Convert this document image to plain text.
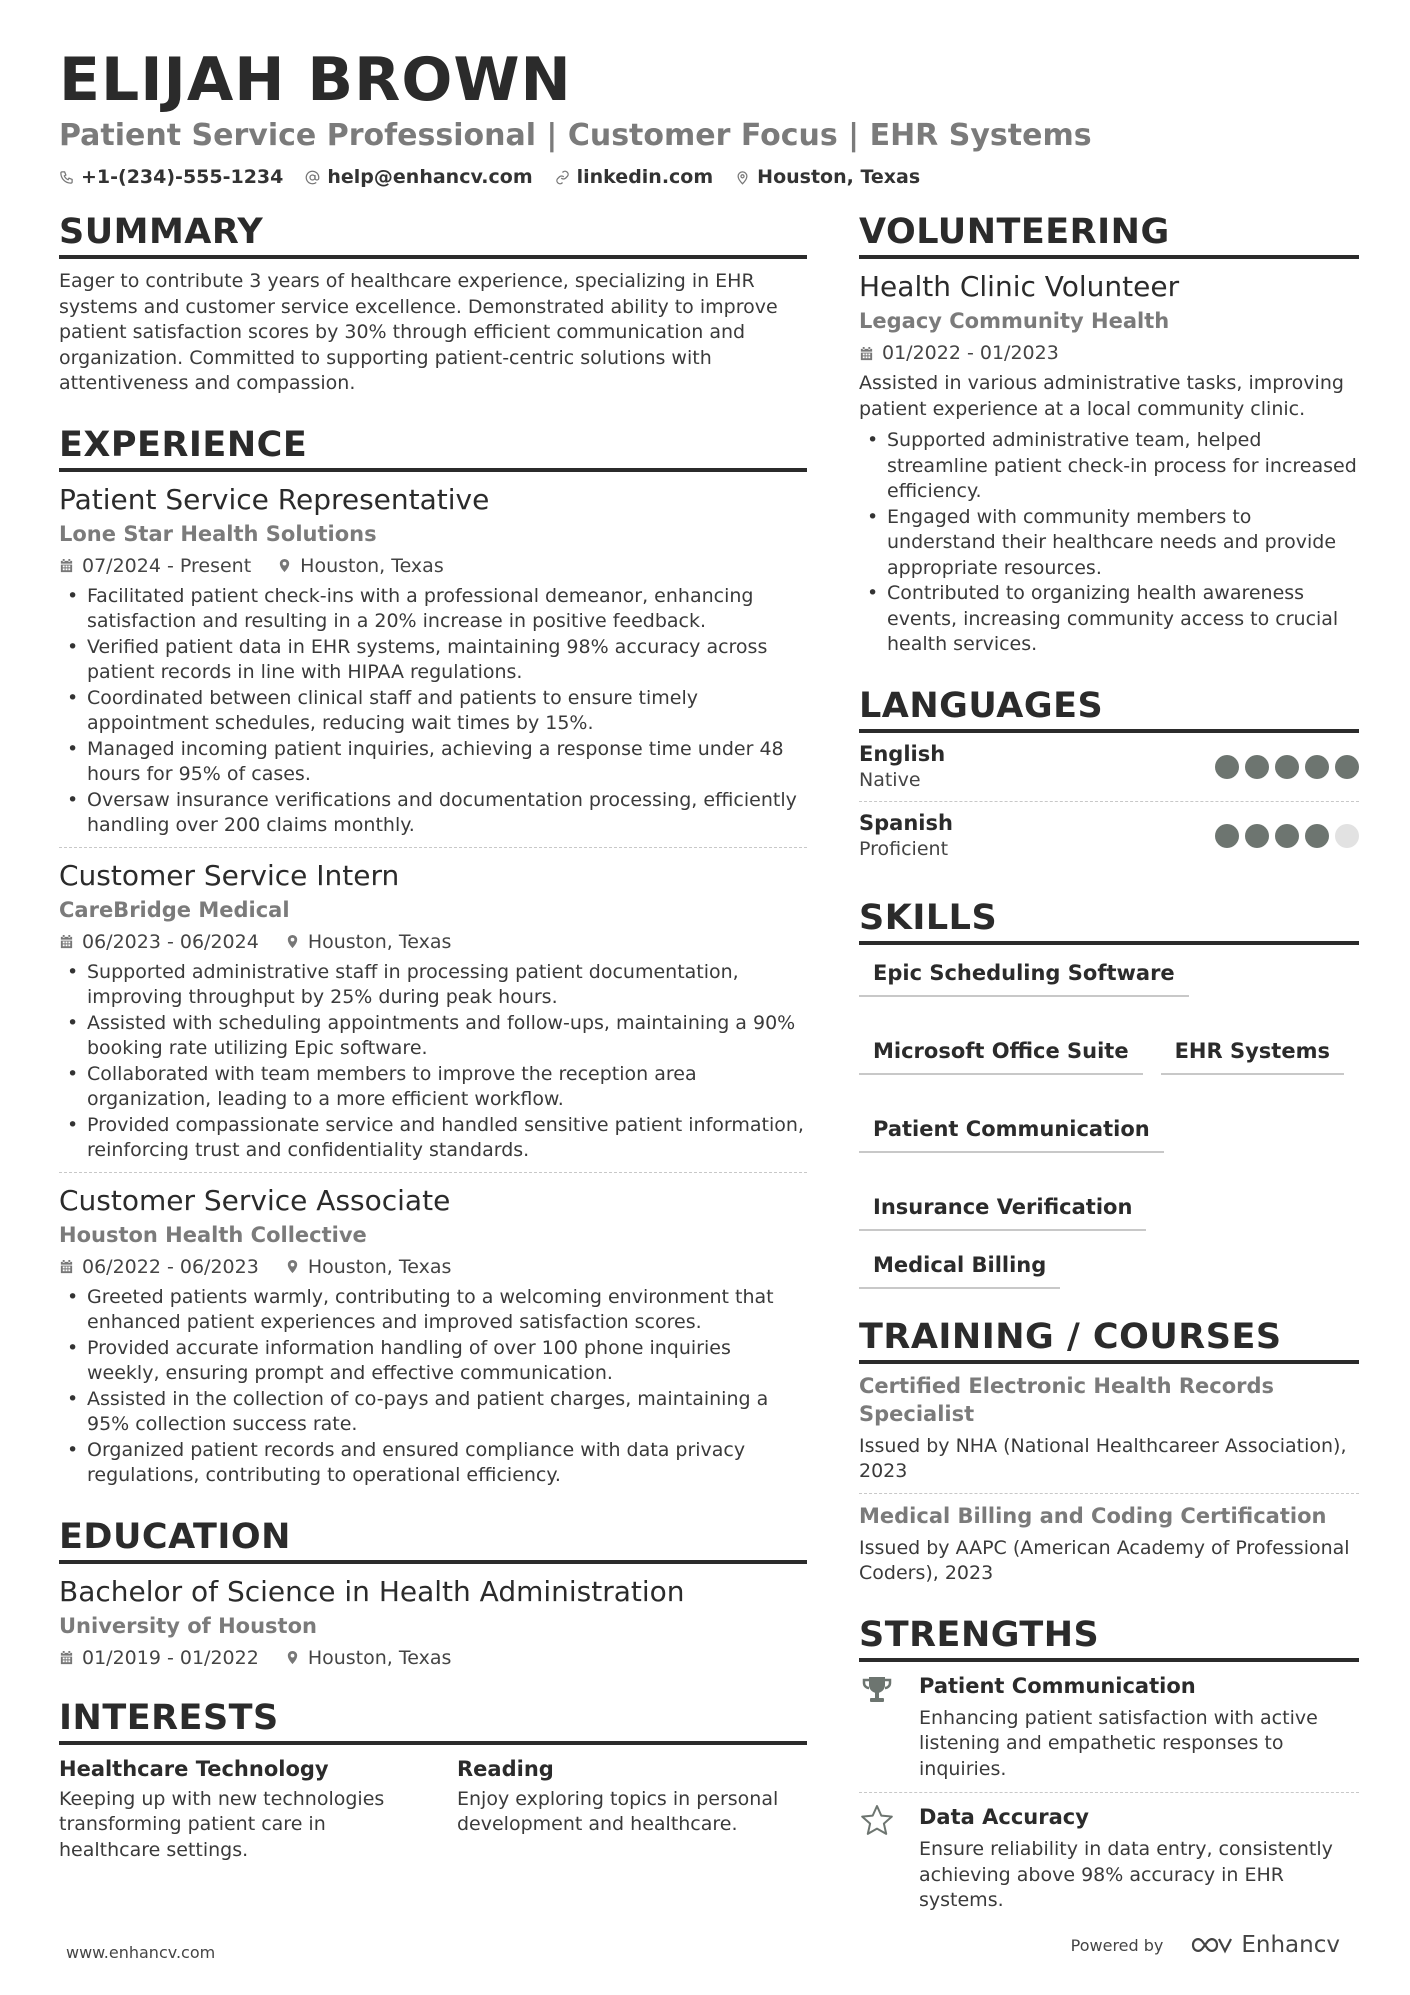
ELIJAH BROWN
Patient Service Professional | Customer Focus | EHR Systems
+1-(234)-555-1234 help@enhancv.com linkedin.com Houston, Texas
SUMMARY
Eager to contribute 3 years of healthcare experience, specializing in EHR systems and customer service excellence. Demonstrated ability to improve patient satisfaction scores by 30% through efficient communication and organization. Committed to supporting patient-centric solutions with attentiveness and compassion.
EXPERIENCE
Patient Service Representative
Lone Star Health Solutions
07/2024 - Present	Houston, Texas
• Facilitated patient check-ins with a professional demeanor, enhancing satisfaction and resulting in a 20% increase in positive feedback.
• Verified patient data in EHR systems, maintaining 98% accuracy across patient records in line with HIPAA regulations.
• Coordinated between clinical staff and patients to ensure timely appointment schedules, reducing wait times by 15%.
• Managed incoming patient inquiries, achieving a response time under 48 hours for 95% of cases.
• Oversaw insurance verifications and documentation processing, efficiently handling over 200 claims monthly.
Customer Service Intern
CareBridge Medical
06/2023 - 06/2024	Houston, Texas
• Supported administrative staff in processing patient documentation, improving throughput by 25% during peak hours.
• Assisted with scheduling appointments and follow-ups, maintaining a 90% booking rate utilizing Epic software.
• Collaborated with team members to improve the reception area organization, leading to a more efficient workflow.
• Provided compassionate service and handled sensitive patient information, reinforcing trust and confidentiality standards.
Customer Service Associate
Houston Health Collective
06/2022 - 06/2023	Houston, Texas
• Greeted patients warmly, contributing to a welcoming environment that enhanced patient experiences and improved satisfaction scores.
• Provided accurate information handling of over 100 phone inquiries weekly, ensuring prompt and effective communication.
• Assisted in the collection of co-pays and patient charges, maintaining a 95% collection success rate.
• Organized patient records and ensured compliance with data privacy regulations, contributing to operational efficiency.
EDUCATION
Bachelor of Science in Health Administration
University of Houston
01/2019 - 01/2022	Houston, Texas
INTERESTS
Healthcare Technology
Keeping up with new technologies transforming patient care in healthcare settings.
Reading
Enjoy exploring topics in personal development and healthcare.
VOLUNTEERING
Health Clinic Volunteer
Legacy Community Health
01/2022 - 01/2023
Assisted in various administrative tasks, improving patient experience at a local community clinic.
• Supported administrative team, helped streamline patient check-in process for increased efficiency.
• Engaged with community members to understand their healthcare needs and provide appropriate resources.
• Contributed to organizing health awareness events, increasing community access to crucial health services.
LANGUAGES
English
Native
Spanish
Proficient
SKILLS
Epic Scheduling Software
Microsoft Office Suite	EHR Systems
Patient Communication
Insurance Verification
Medical Billing
TRAINING / COURSES
Certified Electronic Health Records Specialist
Issued by NHA (National Healthcareer Association), 2023
Medical Billing and Coding Certification
Issued by AAPC (American Academy of Professional Coders), 2023
STRENGTHS
Patient Communication
Enhancing patient satisfaction with active listening and empathetic responses to inquiries.
Data Accuracy
Ensure reliability in data entry, consistently achieving above 98% accuracy in EHR systems.
www.enhancv.com	Powered by	Enhancv
